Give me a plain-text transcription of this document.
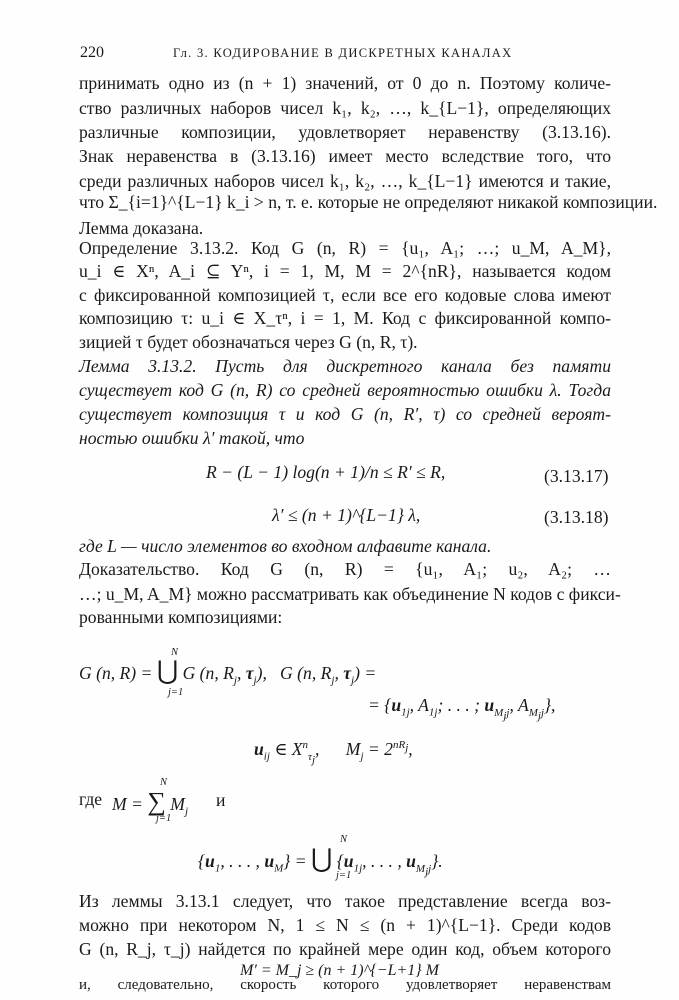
220	Гл. 3. КОДИРОВАНИЕ В ДИСКРЕТНЫХ КАНАЛАХ
принимать одно из (n + 1) значений, от 0 до n. Поэтому количе-
ство различных наборов чисел k₁, k₂, …, k_{L−1}, определяющих
различные композиции, удовлетворяет неравенству (3.13.16).
Знак неравенства в (3.13.16) имеет место вследствие того, что
среди различных наборов чисел k₁, k₂, …, k_{L−1} имеются и такие,
что Σ_{i=1}^{L−1} k_i > n, т. е. которые не определяют никакой композиции.
Лемма доказана.
Определение 3.13.2. Код G (n, R) = {u₁, A₁; …; u_M, A_M},
u_i ∈ Xⁿ, A_i ⊆ Yⁿ, i = 1, M, M = 2^{nR}, называется кодом
с фиксированной композицией τ, если все его кодовые слова имеют
композицию τ: u_i ∈ X_τⁿ, i = 1, M. Код с фиксированной компо-
зицией τ будет обозначаться через G (n, R, τ).
Лемма 3.13.2. Пусть для дискретного канала без памяти
существует код G (n, R) со средней вероятностью ошибки λ. Тогда
существует композиция τ и код G (n, R′, τ) со средней вероят-
ностью ошибки λ′ такой, что
R − (L − 1) log(n + 1)/n ≤ R′ ≤ R,	(3.13.17)
λ′ ≤ (n + 1)^{L−1} λ,	(3.13.18)
где L — число элементов во входном алфавите канала.
Доказательство. Код G (n, R) = {u₁, A₁; u₂, A₂; …
…; u_M, A_M} можно рассматривать как объединение N кодов с фикси-
рованными композициями:
G (n, R) = ⋃ G (n, $R_j$, $\tau_j$),   G (n, $R_j$, $\tau_j$) =
N
j=1
= {$u_{1j}$, $A_{1j}$; . . . ; $u_{M_jj}$, $A_{M_jj}$},
$u_{ij}$ ∈ $X^n_{\tau_j}$,      $M_j = 2^{nR_j}$,
где M = ∑ $M_j$
N
j=1
и
{$u_1$, . . . , $u_M$} = ⋃ {$u_{1j}$, . . . , $u_{M_jj}$}.
N
j=1
Из леммы 3.13.1 следует, что такое представление всегда воз-
можно при некотором N, 1 ≤ N ≤ (n + 1)^{L−1}. Среди кодов
G (n, R_j, τ_j) найдется по крайней мере один код, объем которого
M′ = M_j ≥ (n + 1)^{−L+1} M
и, следовательно, скорость которого удовлетворяет неравенствам
